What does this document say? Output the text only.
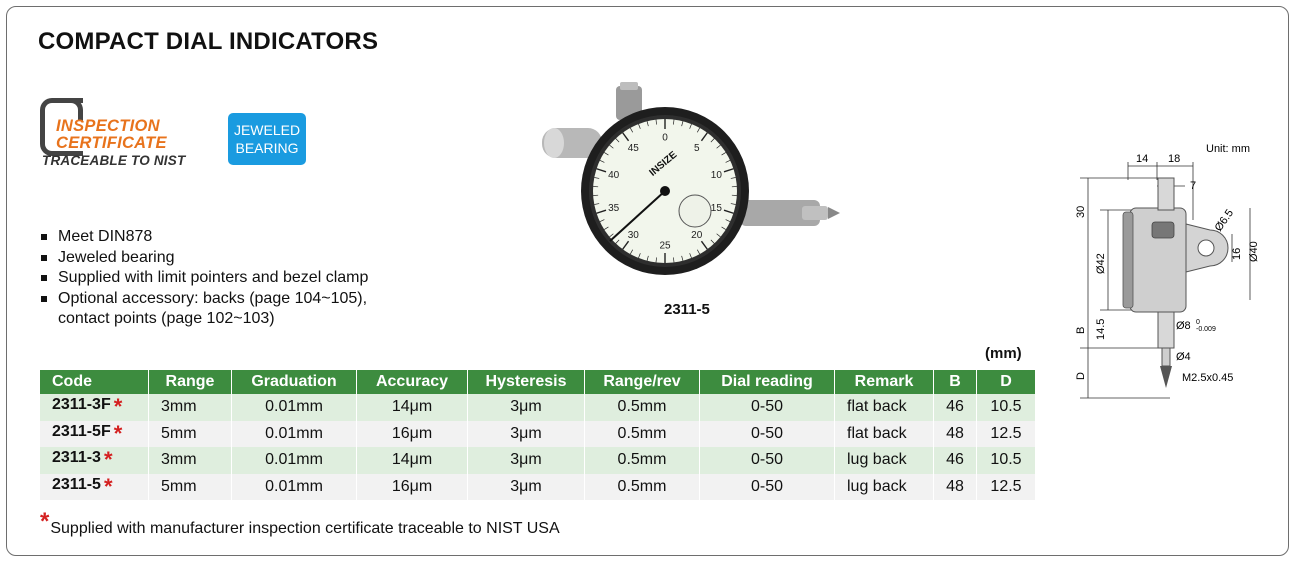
COMPACT DIAL INDICATORS
INSPECTION
CERTIFICATE
TRACEABLE TO NIST
JEWELED
BEARING
Meet DIN878
Jeweled bearing
Supplied with limit pointers and bezel clamp
Optional accessory: backs (page 104~105),
contact points (page 102~103)
0
5
10
15
20
25
30
35
40
45
INSIZE
2311-5
Unit: mm
14 18
7
30
Ø42
B 14.5
D
Ø6.5
16 Ø40
Ø8 0
-0.009
Ø4
M2.5x0.45
(mm)
Code	Range	Graduation	Accuracy	Hysteresis	Range/rev	Dial reading	Remark	B	D
2311-3F *	3mm	0.01mm	14μm	3μm	0.5mm	0-50	flat back	46	10.5
2311-5F *	5mm	0.01mm	16μm	3μm	0.5mm	0-50	flat back	48	12.5
2311-3 *	3mm	0.01mm	14μm	3μm	0.5mm	0-50	lug back	46	10.5
2311-5 *	5mm	0.01mm	16μm	3μm	0.5mm	0-50	lug back	48	12.5
*Supplied with manufacturer inspection certificate traceable to NIST USA
